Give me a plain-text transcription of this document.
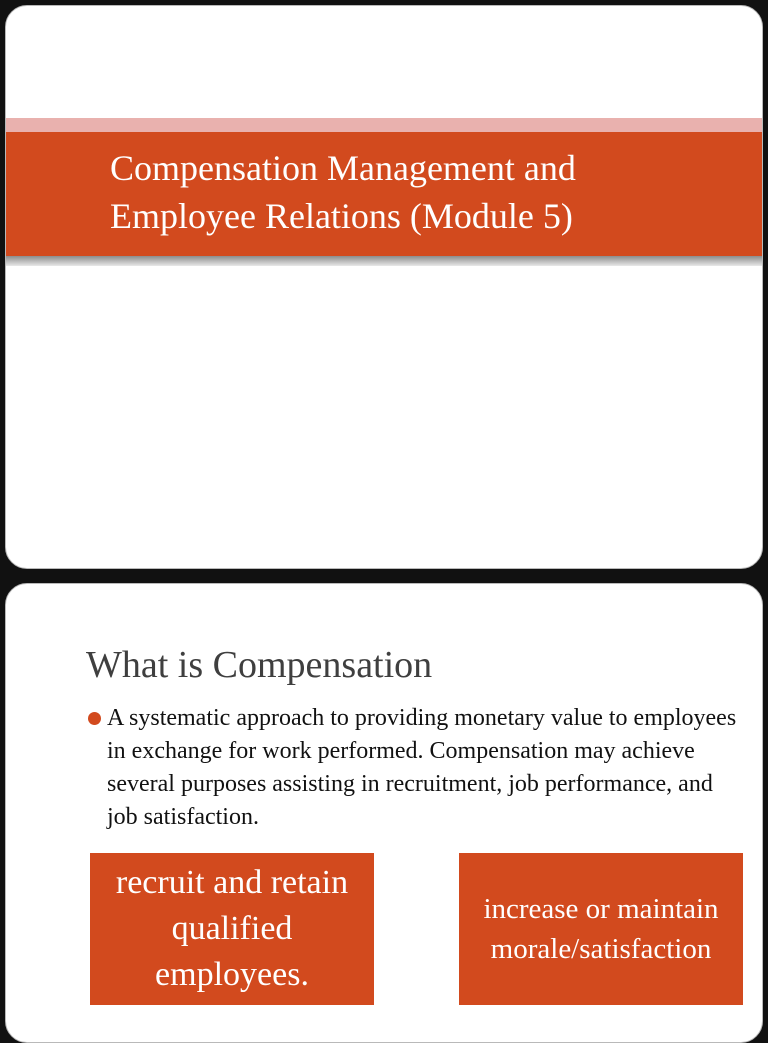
Compensation Management and Employee Relations (Module 5)
What is Compensation

A systematic approach to providing monetary value to employees in exchange for work performed. Compensation may achieve several purposes assisting in recruitment, job performance, and job satisfaction.

recruit and retain qualified employees.
increase or maintain morale/satisfaction
